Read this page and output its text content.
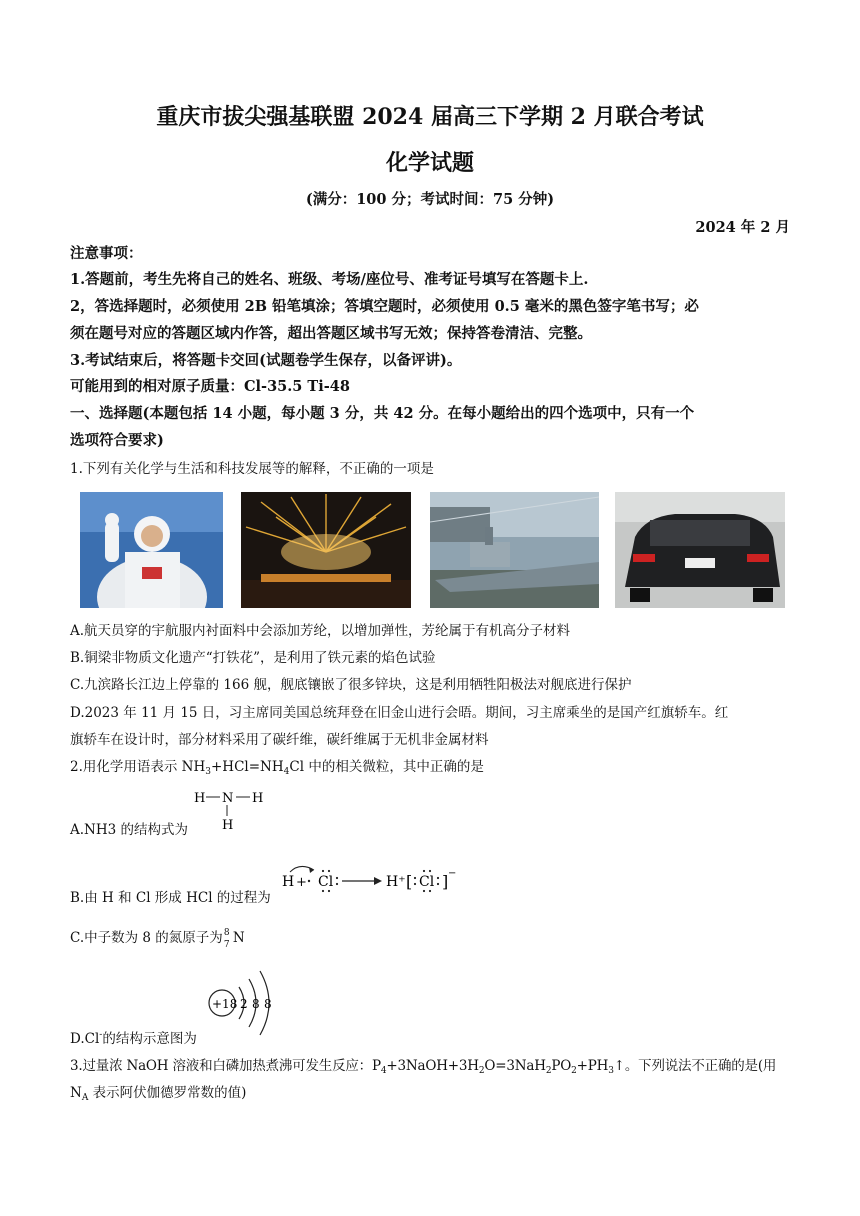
重庆市拔尖强基联盟 2024 届高三下学期 2 月联合考试
化学试题
(满分：100 分；考试时间：75 分钟)
2024 年 2 月
注意事项：
1.答题前，考生先将自己的姓名、班级、考场/座位号、准考证号填写在答题卡上.
2，答选择题时，必须使用 2B 铅笔填涂；答填空题时，必须使用 0.5 毫米的黑色签字笔书写；必
须在题号对应的答题区域内作答，超出答题区域书写无效；保持答卷清洁、完整。
3.考试结束后，将答题卡交回(试题卷学生保存，以备评讲)。
可能用到的相对原子质量：Cl-35.5 Ti-48
一、选择题(本题包括 14 小题，每小题 3 分，共 42 分。在每小题给出的四个选项中，只有一个
选项符合要求)
1.下列有关化学与生活和科技发展等的解释，不正确的一项是
A.航天员穿的宇航服内衬面料中会添加芳纶，以增加弹性，芳纶属于有机高分子材料
B.铜梁非物质文化遗产“打铁花”，是利用了铁元素的焰色试验
C.九滨路长江边上停靠的 166 舰，舰底镶嵌了很多锌块，这是利用牺牲阳极法对舰底进行保护
D.2023 年 11 月 15 日，习主席同美国总统拜登在旧金山进行会晤。期间，习主席乘坐的是国产红旗轿车。红
旗轿车在设计时，部分材料采用了碳纤维，碳纤维属于无机非金属材料
2.用化学用语表示 $NH_3+HCl=NH_4Cl$ 中的相关微粒，其中正确的是
H N H
H
A.NH3 的结构式为
H + Cl	H⁺ [ Cl ] −
B.由 H 和 Cl 形成 HCl 的过程为
C.中子数为 8 的氮原子为 8
7 N
+18 2 8 8
D.Cl-的结构示意图为
3.过量浓 NaOH 溶液和白磷加热煮沸可发生反应：$P_4+3NaOH+3H_2O=3NaH_2PO_2+PH_3↑$。下列说法不正确的是(用
$N_A$ 表示阿伏伽德罗常数的值)
